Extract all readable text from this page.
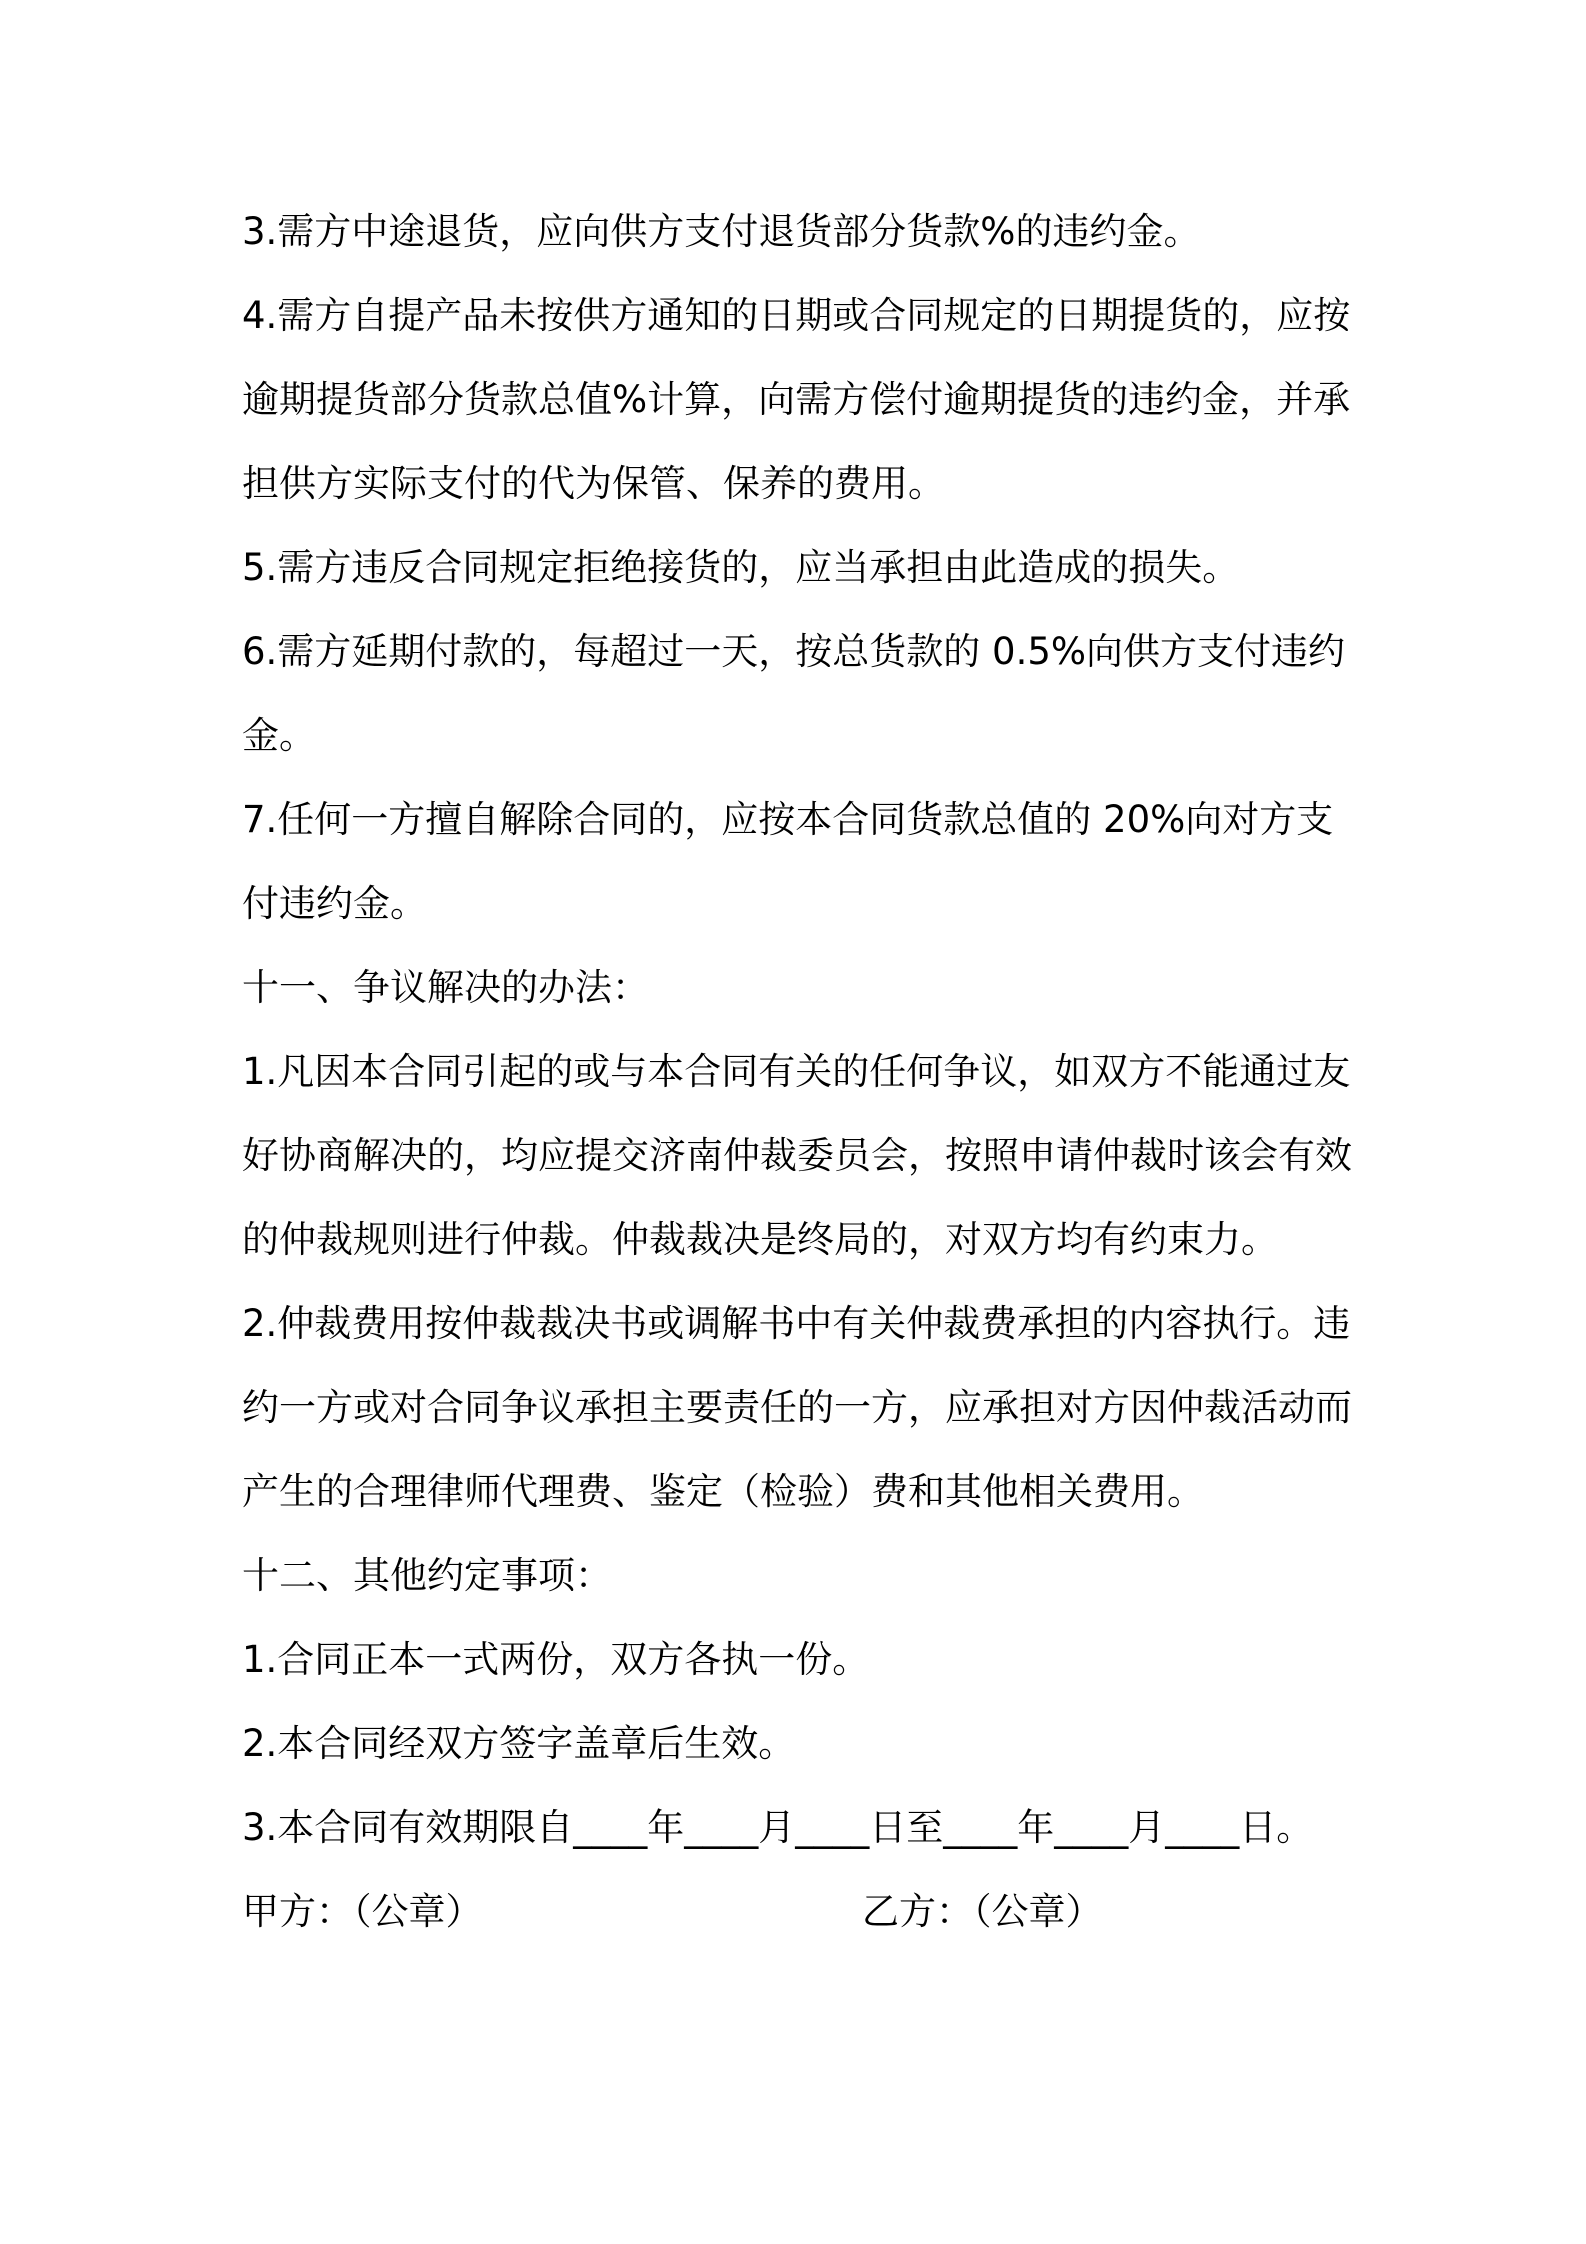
3.需方中途退货，应向供方支付退货部分货款%的违约金。
4.需方自提产品未按供方通知的日期或合同规定的日期提货的，应按
逾期提货部分货款总值%计算，向需方偿付逾期提货的违约金，并承
担供方实际支付的代为保管、保养的费用。
5.需方违反合同规定拒绝接货的，应当承担由此造成的损失。
6.需方延期付款的，每超过一天，按总货款的 0.5%向供方支付违约
金。
7.任何一方擅自解除合同的，应按本合同货款总值的 20%向对方支
付违约金。
十一、争议解决的办法：
1.凡因本合同引起的或与本合同有关的任何争议，如双方不能通过友
好协商解决的，均应提交济南仲裁委员会，按照申请仲裁时该会有效
的仲裁规则进行仲裁。仲裁裁决是终局的，对双方均有约束力。
2.仲裁费用按仲裁裁决书或调解书中有关仲裁费承担的内容执行。违
约一方或对合同争议承担主要责任的一方，应承担对方因仲裁活动而
产生的合理律师代理费、鉴定（检验）费和其他相关费用。
十二、其他约定事项：
1.合同正本一式两份，双方各执一份。
2.本合同经双方签字盖章后生效。
3.本合同有效期限自____年____月____日至____年____月____日。
甲方：（公章）	乙方：（公章）
